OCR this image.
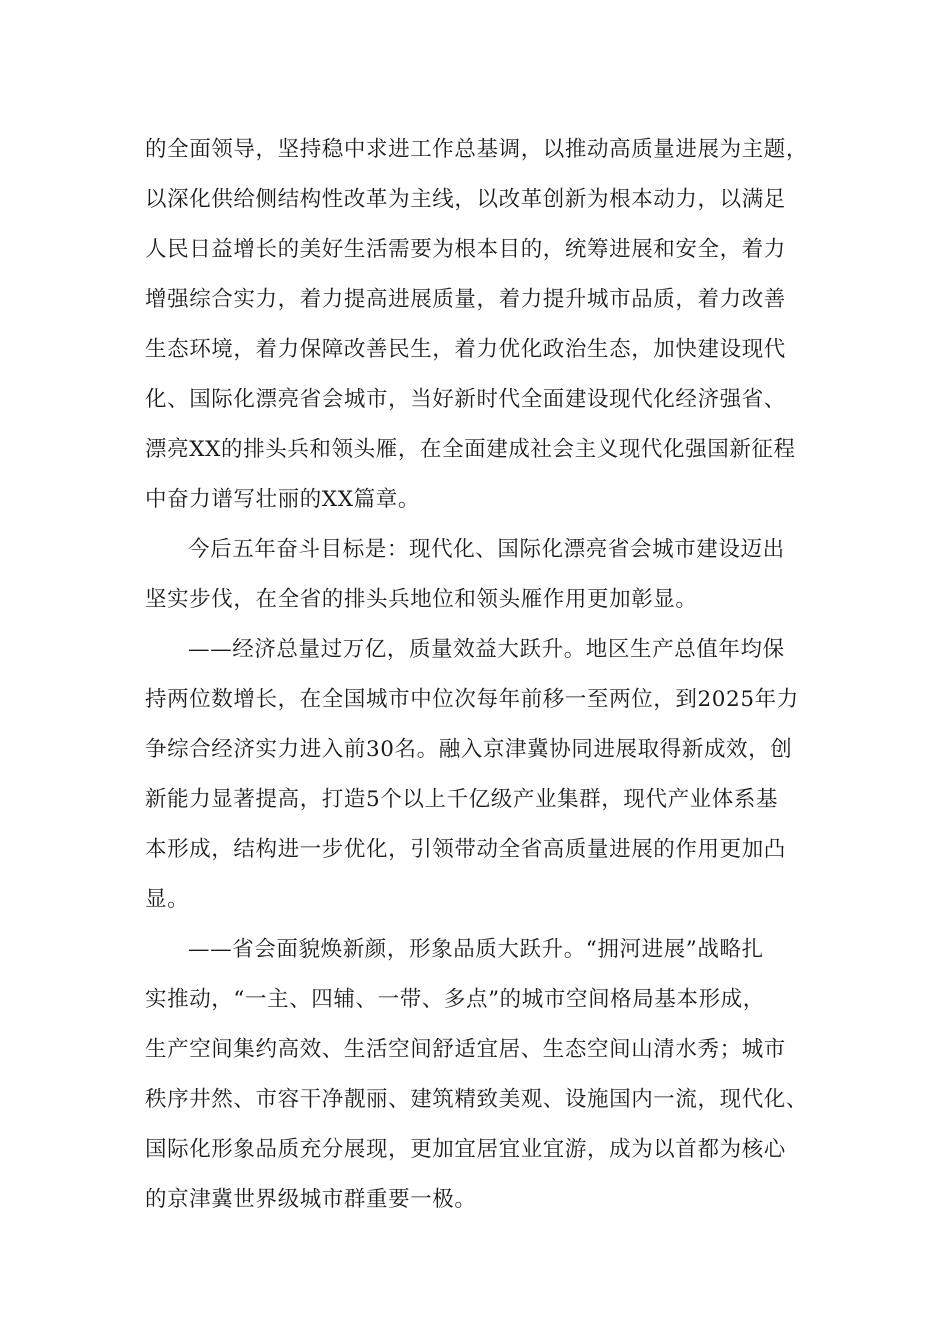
的全面领导，坚持稳中求进工作总基调，以推动高质量进展为主题，
以深化供给侧结构性改革为主线，以改革创新为根本动力，以满足
人民日益增长的美好生活需要为根本目的，统筹进展和安全，着力
增强综合实力，着力提高进展质量，着力提升城市品质，着力改善
生态环境，着力保障改善民生，着力优化政治生态，加快建设现代
化、国际化漂亮省会城市，当好新时代全面建设现代化经济强省、
漂亮XX的排头兵和领头雁，在全面建成社会主义现代化强国新征程
中奋力谱写壮丽的XX篇章。
今后五年奋斗目标是：现代化、国际化漂亮省会城市建设迈出
坚实步伐，在全省的排头兵地位和领头雁作用更加彰显。
——经济总量过万亿，质量效益大跃升。地区生产总值年均保
持两位数增长，在全国城市中位次每年前移一至两位，到2025年力
争综合经济实力进入前30名。融入京津冀协同进展取得新成效，创
新能力显著提高，打造5个以上千亿级产业集群，现代产业体系基
本形成，结构进一步优化，引领带动全省高质量进展的作用更加凸
显。
——省会面貌焕新颜，形象品质大跃升。“拥河进展”战略扎
实推动，“一主、四辅、一带、多点”的城市空间格局基本形成，
生产空间集约高效、生活空间舒适宜居、生态空间山清水秀；城市
秩序井然、市容干净靓丽、建筑精致美观、设施国内一流，现代化、
国际化形象品质充分展现，更加宜居宜业宜游，成为以首都为核心
的京津冀世界级城市群重要一极。
